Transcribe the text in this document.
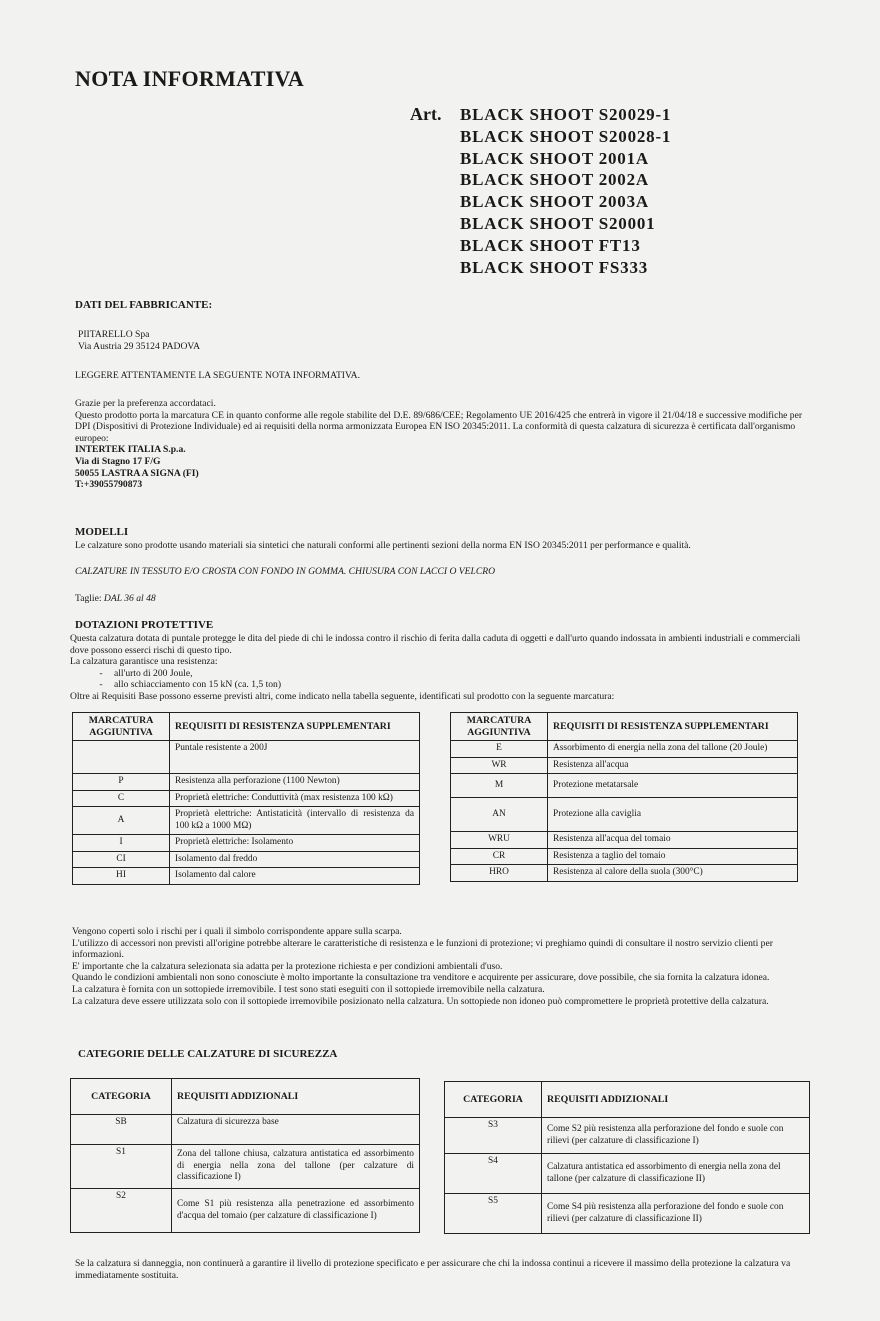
NOTA INFORMATIVA
Art. BLACK SHOOT S20029-1
BLACK SHOOT S20028-1
BLACK SHOOT 2001A
BLACK SHOOT 2002A
BLACK SHOOT 2003A
BLACK SHOOT S20001
BLACK SHOOT FT13
BLACK SHOOT FS333
DATI DEL FABBRICANTE:

PIITARELLO Spa

Via Austria 29 35124 PADOVA

LEGGERE ATTENTAMENTE LA SEGUENTE NOTA INFORMATIVA.

Grazie per la preferenza accordataci.

Questo prodotto porta la marcatura CE in quanto conforme alle regole stabilite del D.E. 89/686/CEE; Regolamento UE 2016/425 che entrerà in vigore il 21/04/18 e successive modifiche per DPI (Dispositivi di Protezione Individuale) ed ai requisiti della norma armonizzata Europea EN ISO 20345:2011. La conformità di questa calzatura di sicurezza è certificata dall'organismo europeo:

INTERTEK ITALIA S.p.a.

Via di Stagno 17 F/G

50055 LASTRA A SIGNA (FI)

T:+39055790873

MODELLI
Le calzature sono prodotte usando materiali sia sintetici che naturali conformi alle pertinenti sezioni della norma EN ISO 20345:2011 per performance e qualità.
CALZATURE IN TESSUTO E/O CROSTA CON FONDO IN GOMMA. CHIUSURA CON LACCI O VELCRO
Taglie: DAL 36 al 48
DOTAZIONI PROTETTIVE

Questa calzatura dotata di puntale protegge le dita del piede di chi le indossa contro il rischio di ferita dalla caduta di oggetti e dall'urto quando indossata in ambienti industriali e commerciali dove possono esserci rischi di questo tipo.

La calzatura garantisce una resistenza:

-	all'urto di 200 Joule,
-	allo schiacciamento con 15 kN (ca. 1,5 ton)

Oltre ai Requisiti Base possono esserne previsti altri, come indicato nella tabella seguente, identificati sul prodotto con la seguente marcatura:

MARCATURA AGGIUNTIVA	REQUISITI DI RESISTENZA SUPPLEMENTARI
	Puntale resistente a 200J
P	Resistenza alla perforazione (1100 Newton)
C	Proprietà elettriche: Conduttività (max resistenza 100 kΩ)
A	Proprietà elettriche: Antistaticità (intervallo di resistenza da 100 kΩ a 1000 MΩ)
I	Proprietà elettriche: Isolamento
CI	Isolamento dal freddo
HI	Isolamento dal calore
MARCATURA AGGIUNTIVA	REQUISITI DI RESISTENZA SUPPLEMENTARI
E	Assorbimento di energia nella zona del tallone (20 Joule)
WR	Resistenza all'acqua
M	Protezione metatarsale
AN	Protezione alla caviglia
WRU	Resistenza all'acqua del tomaio
CR	Resistenza a taglio del tomaio
HRO	Resistenza al calore della suola (300°C)

Vengono coperti solo i rischi per i quali il simbolo corrispondente appare sulla scarpa.

L'utilizzo di accessori non previsti all'origine potrebbe alterare le caratteristiche di resistenza e le funzioni di protezione; vi preghiamo quindi di consultare il nostro servizio clienti per informazioni.

E' importante che la calzatura selezionata sia adatta per la protezione richiesta e per condizioni ambientali d'uso.

Quando le condizioni ambientali non sono conosciute è molto importante la consultazione tra venditore e acquirente per assicurare, dove possibile, che sia fornita la calzatura idonea.

La calzatura è fornita con un sottopiede irremovibile. I test sono stati eseguiti con il sottopiede irremovibile nella calzatura.

La calzatura deve essere utilizzata solo con il sottopiede irremovibile posizionato nella calzatura. Un sottopiede non idoneo può compromettere le proprietà protettive della calzatura.

CATEGORIE DELLE CALZATURE DI SICUREZZA
CATEGORIA	REQUISITI ADDIZIONALI
SB	Calzatura di sicurezza base
S1	Zona del tallone chiusa, calzatura antistatica ed assorbimento di energia nella zona del tallone (per calzature di classificazione I)
S2	Come S1 più resistenza alla penetrazione ed assorbimento d'acqua del tomaio (per calzature di classificazione I)
CATEGORIA	REQUISITI ADDIZIONALI
S3	Come S2 più resistenza alla perforazione del fondo e suole con rilievi (per calzature di classificazione I)
S4	Calzatura antistatica ed assorbimento di energia nella zona del tallone (per calzature di classificazione II)
S5	Come S4 più resistenza alla perforazione del fondo e suole con rilievi (per calzature di classificazione II)
Se la calzatura si danneggia, non continuerà a garantire il livello di protezione specificato e per assicurare che chi la indossa continui a ricevere il massimo della protezione la calzatura va immediatamente sostituita.
